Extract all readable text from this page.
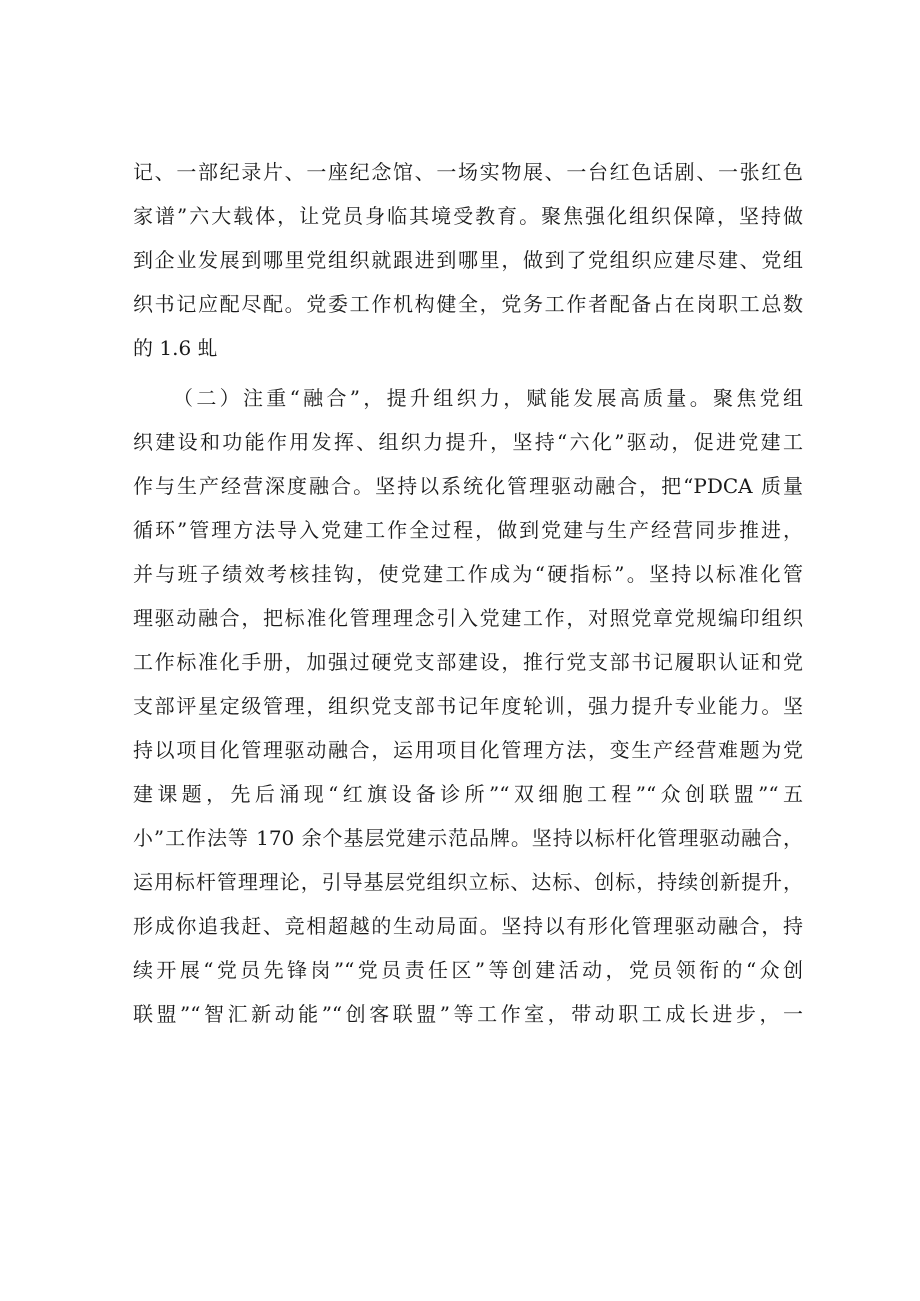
记、一部纪录片、一座纪念馆、一场实物展、一台红色话剧、一张红色
家谱”六大载体，让党员身临其境受教育。聚焦强化组织保障，坚持做
到企业发展到哪里党组织就跟进到哪里，做到了党组织应建尽建、党组
织书记应配尽配。党委工作机构健全，党务工作者配备占在岗职工总数
的 1.6 虬
（二）注重“融合”，提升组织力，赋能发展高质量。聚焦党组
织建设和功能作用发挥、组织力提升，坚持“六化”驱动，促进党建工
作与生产经营深度融合。坚持以系统化管理驱动融合，把“PDCA 质量
循环”管理方法导入党建工作全过程，做到党建与生产经营同步推进，
并与班子绩效考核挂钩，使党建工作成为“硬指标”。坚持以标准化管
理驱动融合，把标准化管理理念引入党建工作，对照党章党规编印组织
工作标准化手册，加强过硬党支部建设，推行党支部书记履职认证和党
支部评星定级管理，组织党支部书记年度轮训，强力提升专业能力。坚
持以项目化管理驱动融合，运用项目化管理方法，变生产经营难题为党
建课题，先后涌现“红旗设备诊所”“双细胞工程”“众创联盟”“五
小”工作法等 170 余个基层党建示范品牌。坚持以标杆化管理驱动融合，
运用标杆管理理论，引导基层党组织立标、达标、创标，持续创新提升，
形成你追我赶、竞相超越的生动局面。坚持以有形化管理驱动融合，持
续开展“党员先锋岗”“党员责任区”等创建活动，党员领衔的“众创
联盟”“智汇新动能”“创客联盟”等工作室，带动职工成长进步，一
